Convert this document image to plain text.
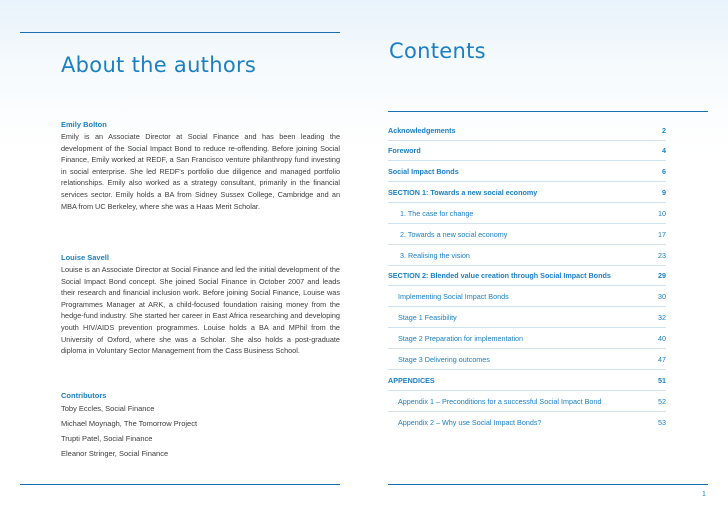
About the authors
Emily Bolton
Emily is an Associate Director at Social Finance and has been leading the development of the Social Impact Bond to reduce re-offending. Before joining Social Finance, Emily worked at REDF, a San Francisco venture philanthropy fund investing in social enterprise. She led REDF's portfolio due diligence and managed portfolio relationships. Emily also worked as a strategy consultant, primarily in the financial services sector. Emily holds a BA from Sidney Sussex College, Cambridge and an MBA from UC Berkeley, where she was a Haas Merit Scholar.
Louise Savell
Louise is an Associate Director at Social Finance and led the initial development of the Social Impact Bond concept. She joined Social Finance in October 2007 and leads their research and financial inclusion work. Before joining Social Finance, Louise was Programmes Manager at ARK, a child-focused foundation raising money from the hedge-fund industry. She started her career in East Africa researching and developing youth HIV/AIDS prevention programmes. Louise holds a BA and MPhil from the University of Oxford, where she was a Scholar. She also holds a post-graduate diploma in Voluntary Sector Management from the Cass Business School.
Contributors
Toby Eccles, Social Finance
Michael Moynagh, The Tomorrow Project
Trupti Patel, Social Finance
Eleanor Stringer, Social Finance
Contents
Acknowledgements	2
Foreword	4
Social Impact Bonds	6
SECTION 1: Towards a new social economy	9
1. The case for change	10
2. Towards a new social economy	17
3. Realising the vision	23
SECTION 2: Blended value creation through Social Impact Bonds	29
Implementing Social Impact Bonds	30
Stage 1 Feasibility	32
Stage 2 Preparation for implementation	40
Stage 3 Delivering outcomes	47
APPENDICES	51
Appendix 1 – Preconditions for a successful Social Impact Bond	52
Appendix 2 – Why use Social Impact Bonds?	53
1
